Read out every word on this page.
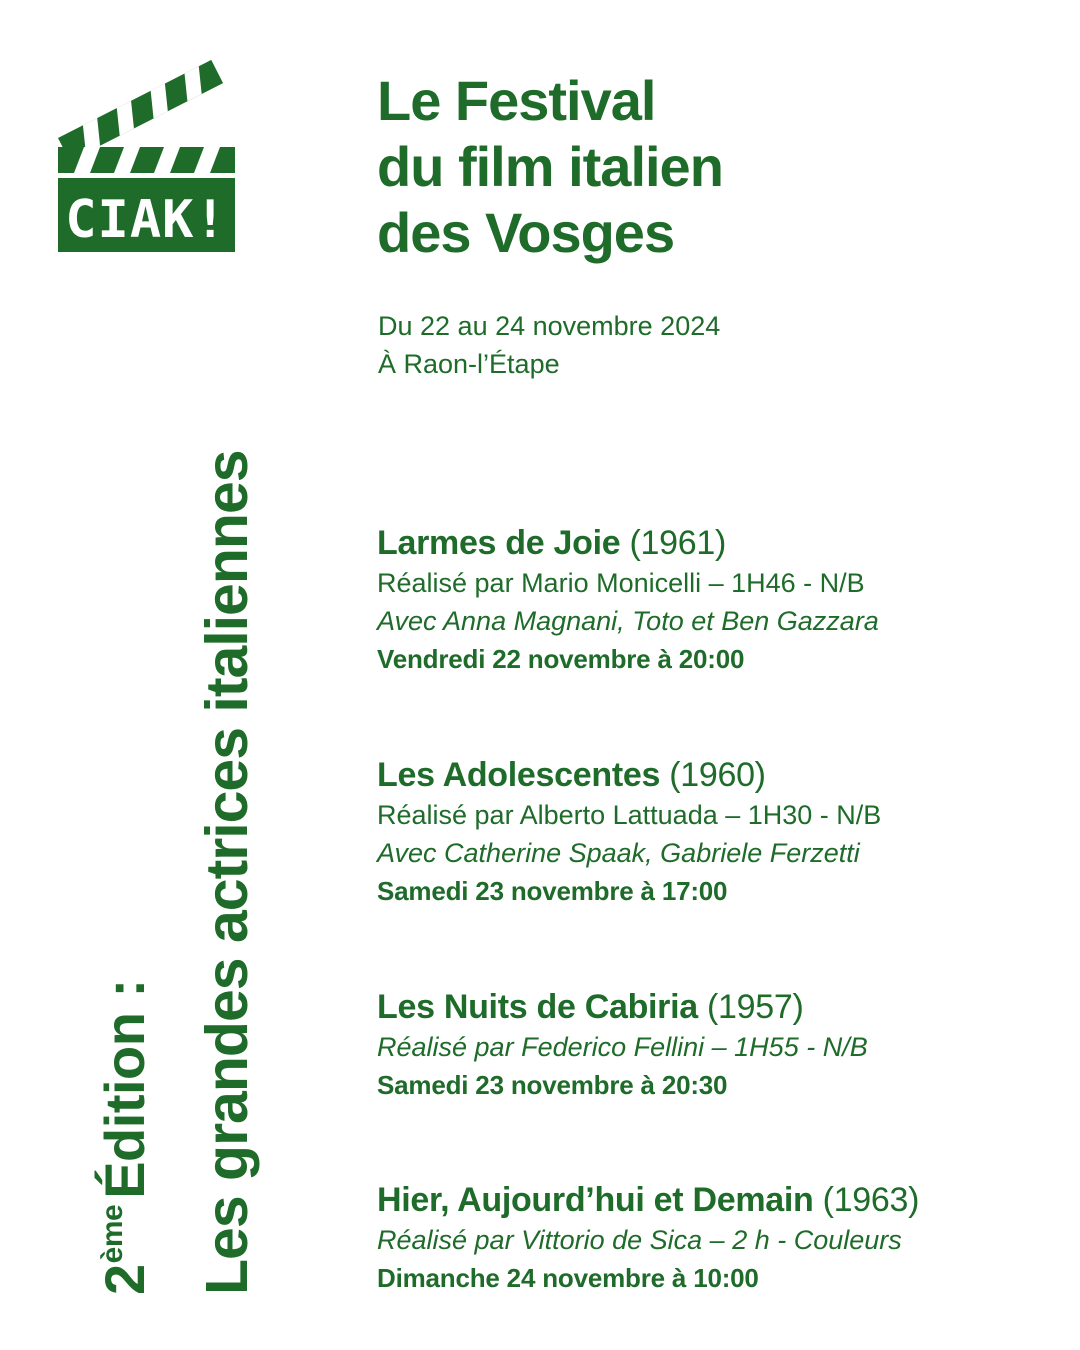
CIAK!
2èmeÉdition : Les grandes actrices italiennes
Le Festival
du film italien
des Vosges
Du 22 au 24 novembre 2024
À Raon-l’Étape
Larmes de Joie (1961)
Réalisé par Mario Monicelli – 1H46 - N/B
Avec Anna Magnani, Toto et Ben Gazzara
Vendredi 22 novembre à 20:00
Les Adolescentes (1960)
Réalisé par Alberto Lattuada – 1H30 - N/B
Avec Catherine Spaak, Gabriele Ferzetti
Samedi 23 novembre à 17:00
Les Nuits de Cabiria (1957)
Réalisé par Federico Fellini – 1H55 - N/B
Samedi 23 novembre à 20:30
Hier, Aujourd’hui et Demain (1963)
Réalisé par Vittorio de Sica – 2 h - Couleurs
Dimanche 24 novembre à 10:00
